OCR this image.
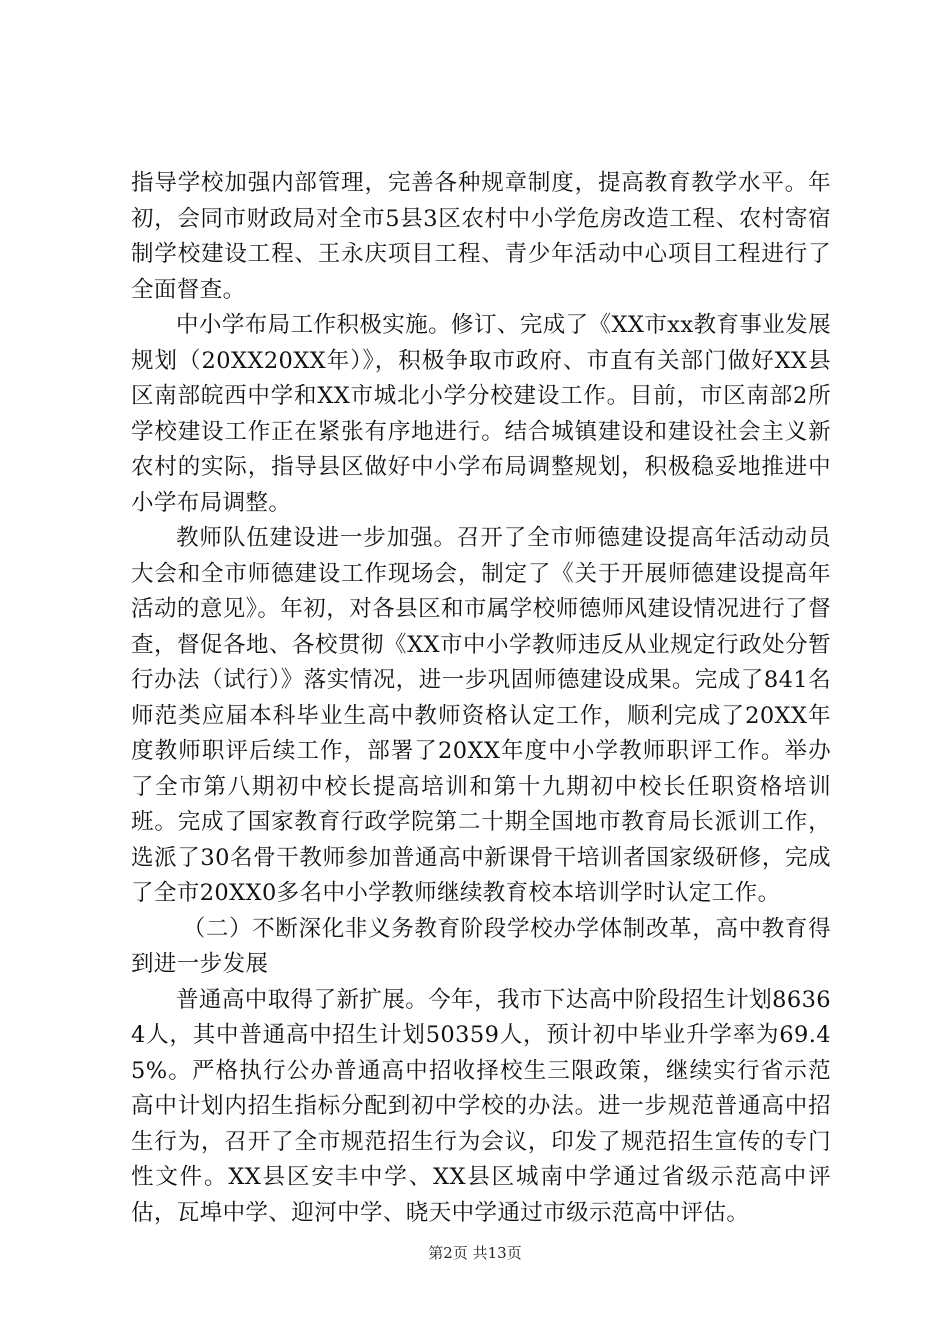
指导学校加强内部管理，完善各种规章制度，提高教育教学水平。年初，会同市财政局对全市5县3区农村中小学危房改造工程、农村寄宿制学校建设工程、王永庆项目工程、青少年活动中心项目工程进行了全面督查。

中小学布局工作积极实施。修订、完成了《XX市xx教育事业发展规划（20XX20XX年）》，积极争取市政府、市直有关部门做好XX县区南部皖西中学和XX市城北小学分校建设工作。目前，市区南部2所学校建设工作正在紧张有序地进行。结合城镇建设和建设社会主义新农村的实际，指导县区做好中小学布局调整规划，积极稳妥地推进中小学布局调整。

教师队伍建设进一步加强。召开了全市师德建设提高年活动动员大会和全市师德建设工作现场会，制定了《关于开展师德建设提高年活动的意见》。年初，对各县区和市属学校师德师风建设情况进行了督查，督促各地、各校贯彻《XX市中小学教师违反从业规定行政处分暂行办法（试行）》落实情况，进一步巩固师德建设成果。完成了841名师范类应届本科毕业生高中教师资格认定工作，顺利完成了20XX年度教师职评后续工作，部署了20XX年度中小学教师职评工作。举办了全市第八期初中校长提高培训和第十九期初中校长任职资格培训班。完成了国家教育行政学院第二十期全国地市教育局长派训工作，选派了30名骨干教师参加普通高中新课骨干培训者国家级研修，完成了全市20XX0多名中小学教师继续教育校本培训学时认定工作。

（二）不断深化非义务教育阶段学校办学体制改革，高中教育得到进一步发展

普通高中取得了新扩展。今年，我市下达高中阶段招生计划86364人，其中普通高中招生计划50359人，预计初中毕业升学率为69.45%。严格执行公办普通高中招收择校生三限政策，继续实行省示范高中计划内招生指标分配到初中学校的办法。进一步规范普通高中招生行为，召开了全市规范招生行为会议，印发了规范招生宣传的专门性文件。XX县区安丰中学、XX县区城南中学通过省级示范高中评估，瓦埠中学、迎河中学、晓天中学通过市级示范高中评估。

第2页 共13页
